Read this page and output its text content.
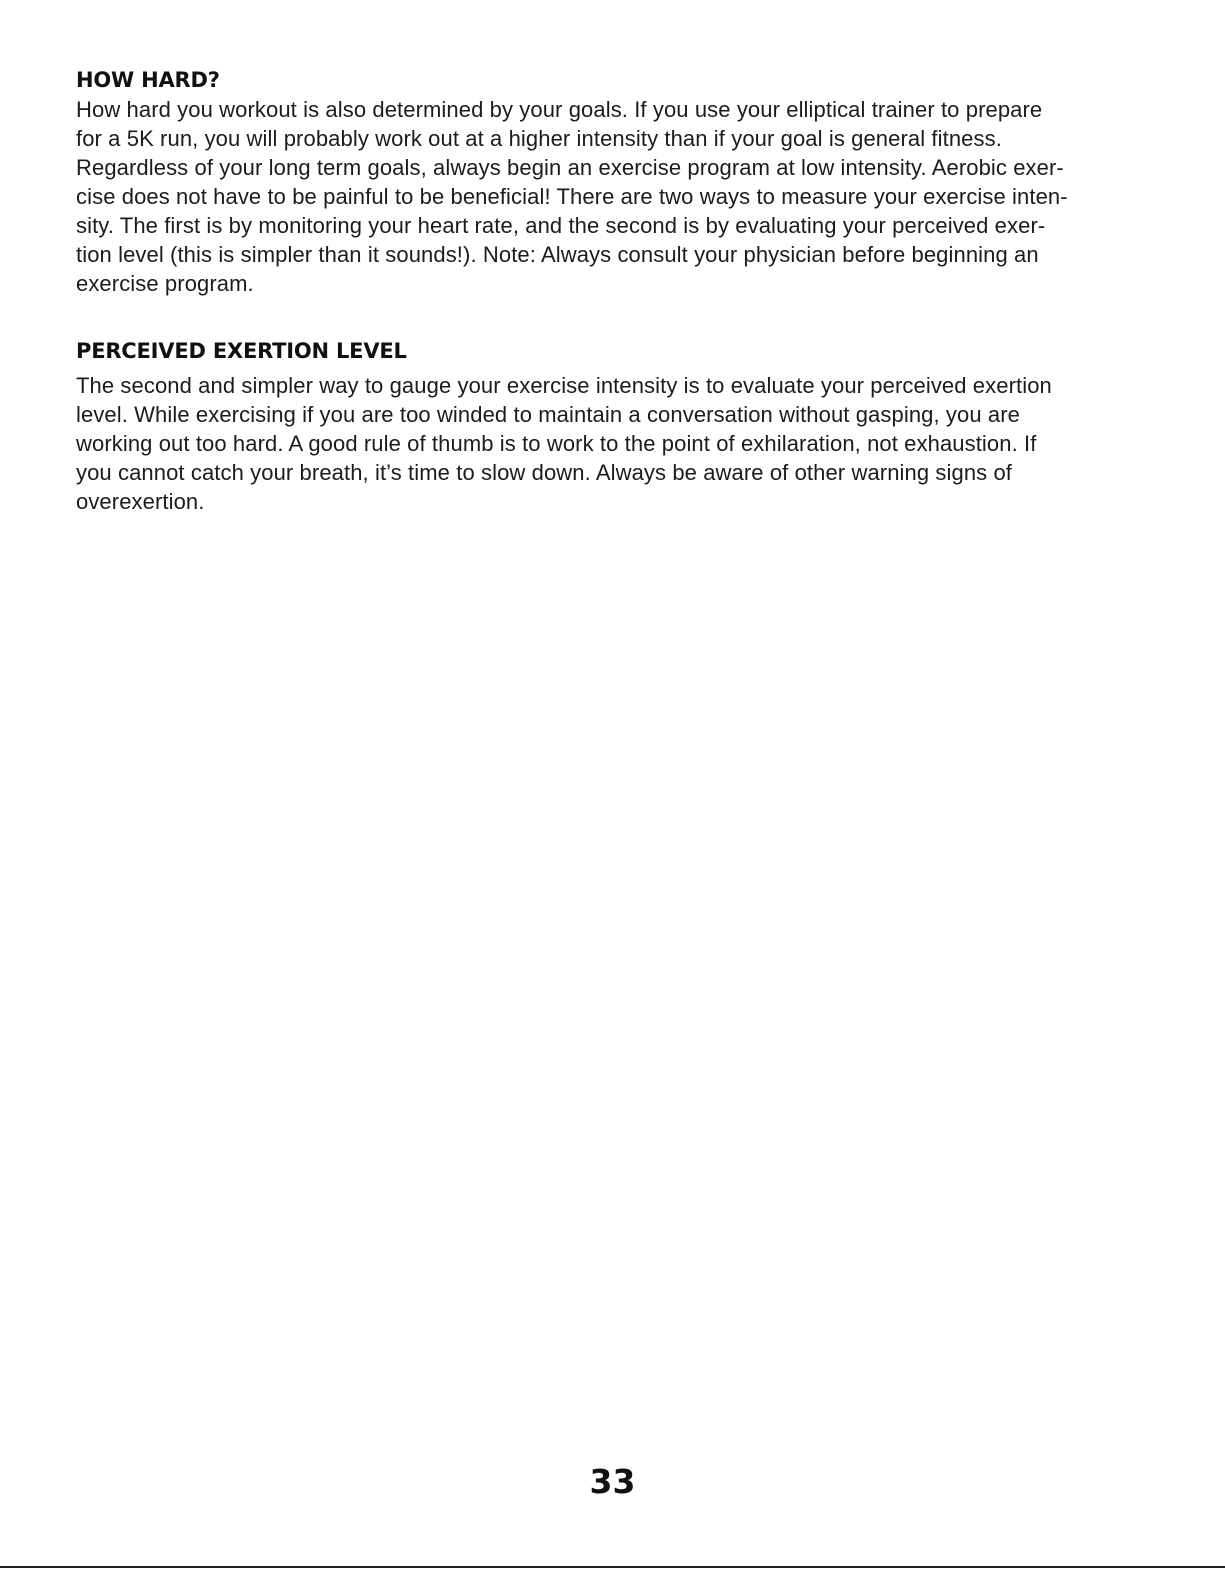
HOW HARD?

How hard you workout is also determined by your goals. If you use your elliptical trainer to prepare

for a 5K run, you will probably work out at a higher intensity than if your goal is general fitness.

Regardless of your long term goals, always begin an exercise program at low intensity. Aerobic exer-

cise does not have to be painful to be beneficial! There are two ways to measure your exercise inten-

sity. The first is by monitoring your heart rate, and the second is by evaluating your perceived exer-

tion level (this is simpler than it sounds!). Note: Always consult your physician before beginning an

exercise program.

PERCEIVED EXERTION LEVEL

The second and simpler way to gauge your exercise intensity is to evaluate your perceived exertion

level. While exercising if you are too winded to maintain a conversation without gasping, you are

working out too hard. A good rule of thumb is to work to the point of exhilaration, not exhaustion. If

you cannot catch your breath, it’s time to slow down. Always be aware of other warning signs of

overexertion.

33
